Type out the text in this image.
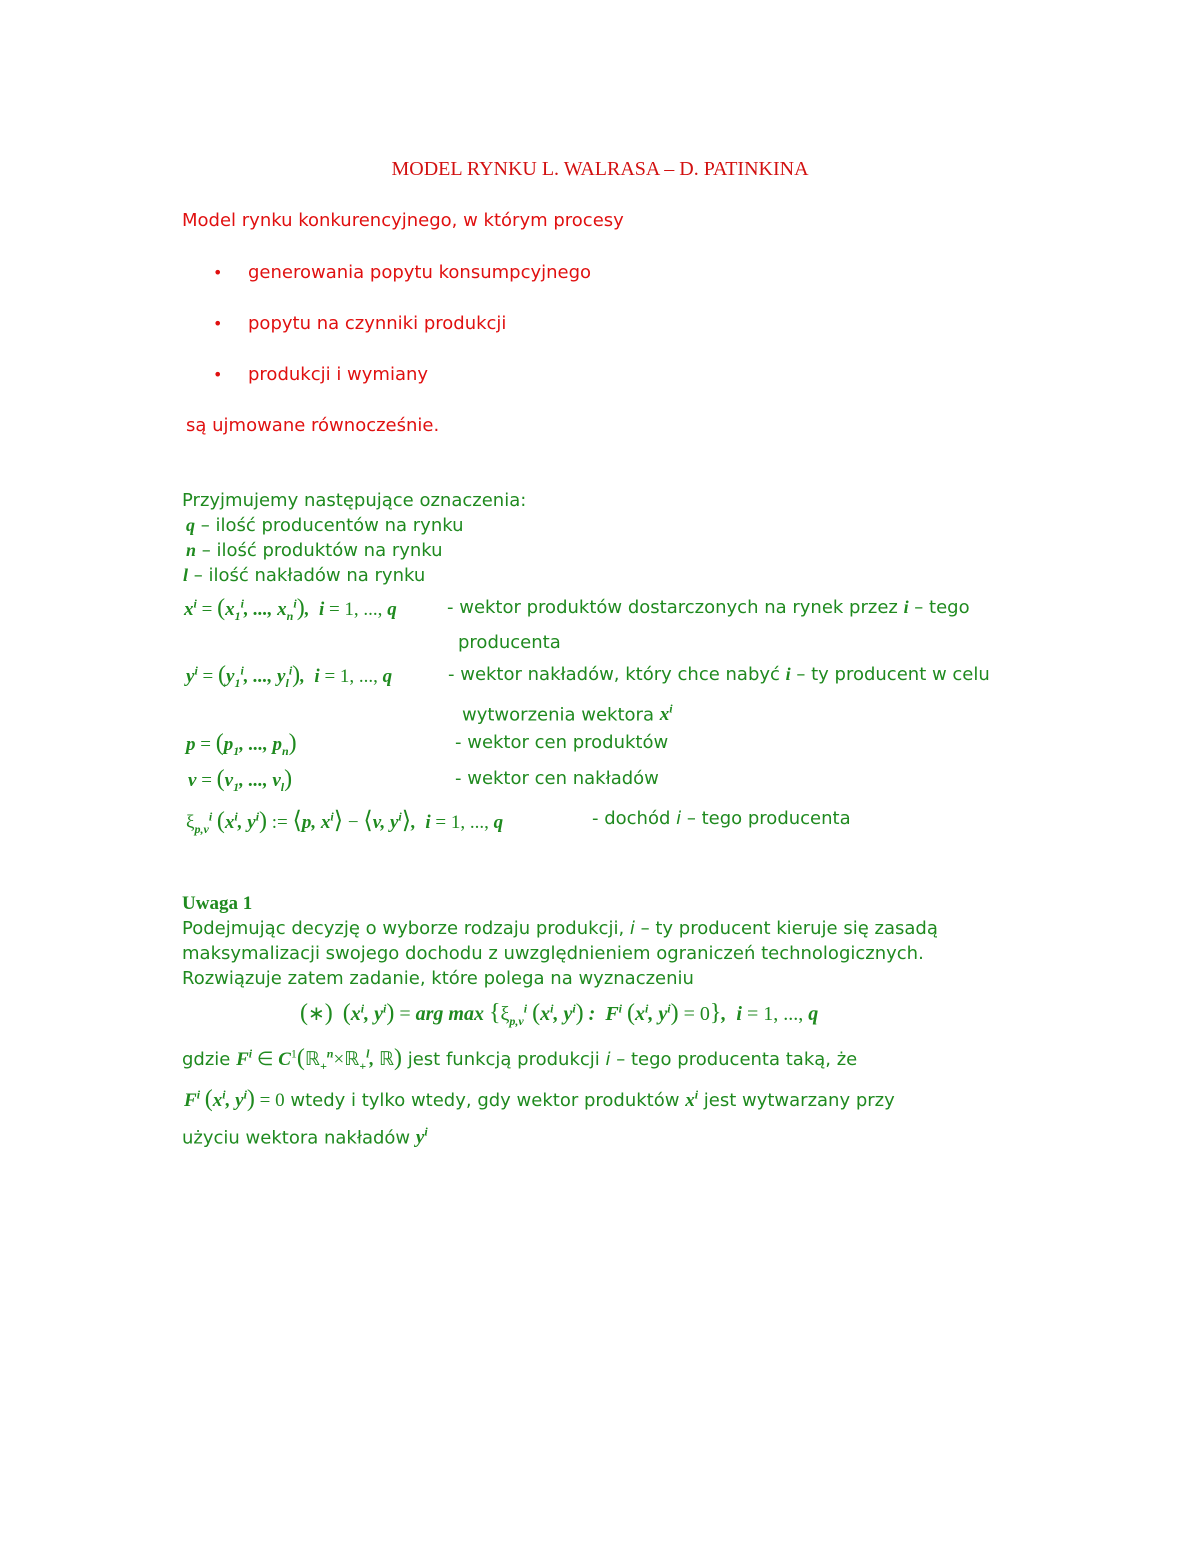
MODEL RYNKU L. WALRASA – D. PATINKINA
Model rynku konkurencyjnego, w którym procesy
• generowania popytu konsumpcyjnego
• popytu na czynniki produkcji
• produkcji i wymiany
są ujmowane równocześnie.
Przyjmujemy następujące oznaczenia:
q – ilość producentów na rynku
n – ilość produktów na rynku
l – ilość nakładów na rynku
$x^i = (x_1^i$, ..., $x_n^i$),  i = 1, ..., q	- wektor produktów dostarczonych na rynek przez i – tego
producenta
$y^i = (y_1^i$, ..., $y_l^i$),  i = 1, ..., q	- wektor nakładów, który chce nabyć i – ty producent w celu
wytworzenia wektora $x^i$
$p = (p_1$, ..., $p_n$)	- wektor cen produktów
$v = (v_1$, ..., $v_l$)	- wektor cen nakładów
$\xi_{p,v}^i$ ($x^i$, $y^i$) := ⟨p, $x^i⟩$ − ⟨v, $y^i⟩$,  i = 1, ..., q	- dochód i – tego producenta
Uwaga 1
Podejmując decyzję o wyborze rodzaju produkcji, i – ty producent kieruje się zasadą
maksymalizacji swojego dochodu z uwzględnieniem ograniczeń technologicznych.
Rozwiązuje zatem zadanie, które polega na wyznaczeniu
(∗) ($x^i$, $y^i$) = arg $\max \{\xi_{p,v}^i$ ($x^i$, $y^i$) :  $F^i$ ($x^i$, $y^i) = 0$},  i = 1, ..., q
gdzie $F^i$ ∈ $C^1(ℝ_+^n\times ℝ_+^l$, ℝ) jest funkcją produkcji i – tego producenta taką, że
$F^i$ ($x^i$, $y^i) = 0$ wtedy i tylko wtedy, gdy wektor produktów $x^i$ jest wytwarzany przy
użyciu wektora nakładów $y^i$
